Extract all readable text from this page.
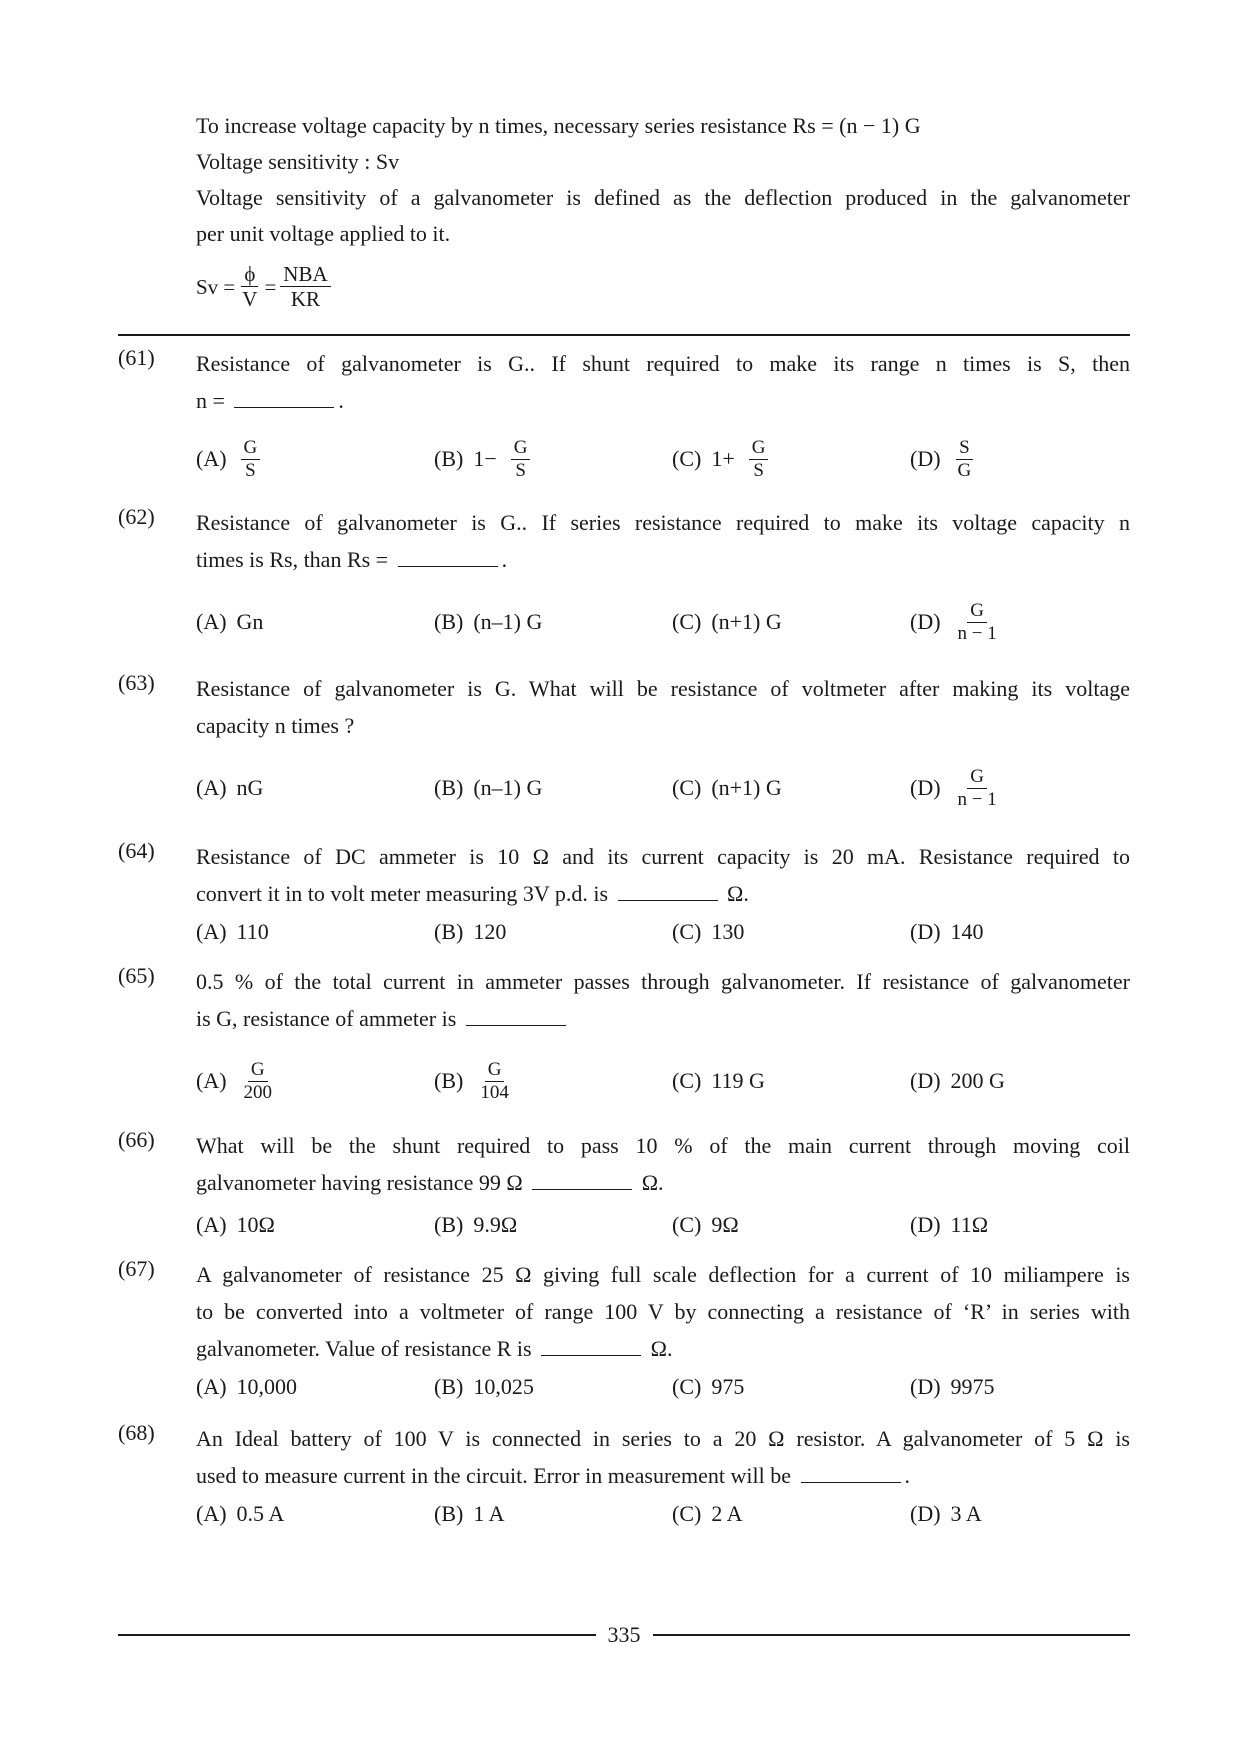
To increase voltage capacity by n times, necessary series resistance Rs = (n − 1) G

Voltage sensitivity : Sv

Voltage sensitivity of a galvanometer is defined as the deflection produced in the galvanometer

per unit voltage applied to it.

$Sv = \frac{\phi}{V} = \frac{\text{NBA}}{KR}$
(61) Resistance of galvanometer is G.. If shunt required to make its range n times is S, then
n =	.
$(A) \frac{G}{S}$	(B) $1- \frac{G}{S}$	(C) $1+ \frac{G}{S}$	$(D) \frac{S}{G}$
(62) Resistance of galvanometer is G.. If series resistance required to make its voltage capacity n
times is Rs, than Rs =	.
(A) Gn	(B) (n–1) G	(C) (n+1) G	$(D) \frac{G}{n - 1}$
(63) Resistance of galvanometer is G. What will be resistance of voltmeter after making its voltage
capacity n times ?
(A) nG	(B) (n–1) G	(C) (n+1) G	$(D) \frac{G}{n - 1}$
(64) Resistance of DC ammeter is 10 Ω and its current capacity is 20 mA. Resistance required to
convert it in to volt meter measuring 3V p.d. is	Ω.
(A) 110	(B) 120	(C) 130	(D) 140
(65) 0.5 % of the total current in ammeter passes through galvanometer. If resistance of galvanometer
is G, resistance of ammeter is
$(A) \frac{G}{200}$	$(B) \frac{G}{104}$	(C) 119 G	(D) 200 G
(66) What will be the shunt required to pass 10 % of the main current through moving coil
galvanometer having resistance 99 Ω	Ω.
(A) 10Ω	(B) 9.9Ω	(C) 9Ω	(D) 11Ω
(67) A galvanometer of resistance 25 Ω giving full scale deflection for a current of 10 miliampere is
to be converted into a voltmeter of range 100 V by connecting a resistance of ‘R’ in series with
galvanometer. Value of resistance R is	Ω.
(A) 10,000	(B) 10,025	(C) 975	(D) 9975
(68) An Ideal battery of 100 V is connected in series to a 20 Ω resistor. A galvanometer of 5 Ω is
used to measure current in the circuit. Error in measurement will be	.
(A) 0.5 A	(B) 1 A	(C) 2 A	(D) 3 A
335
